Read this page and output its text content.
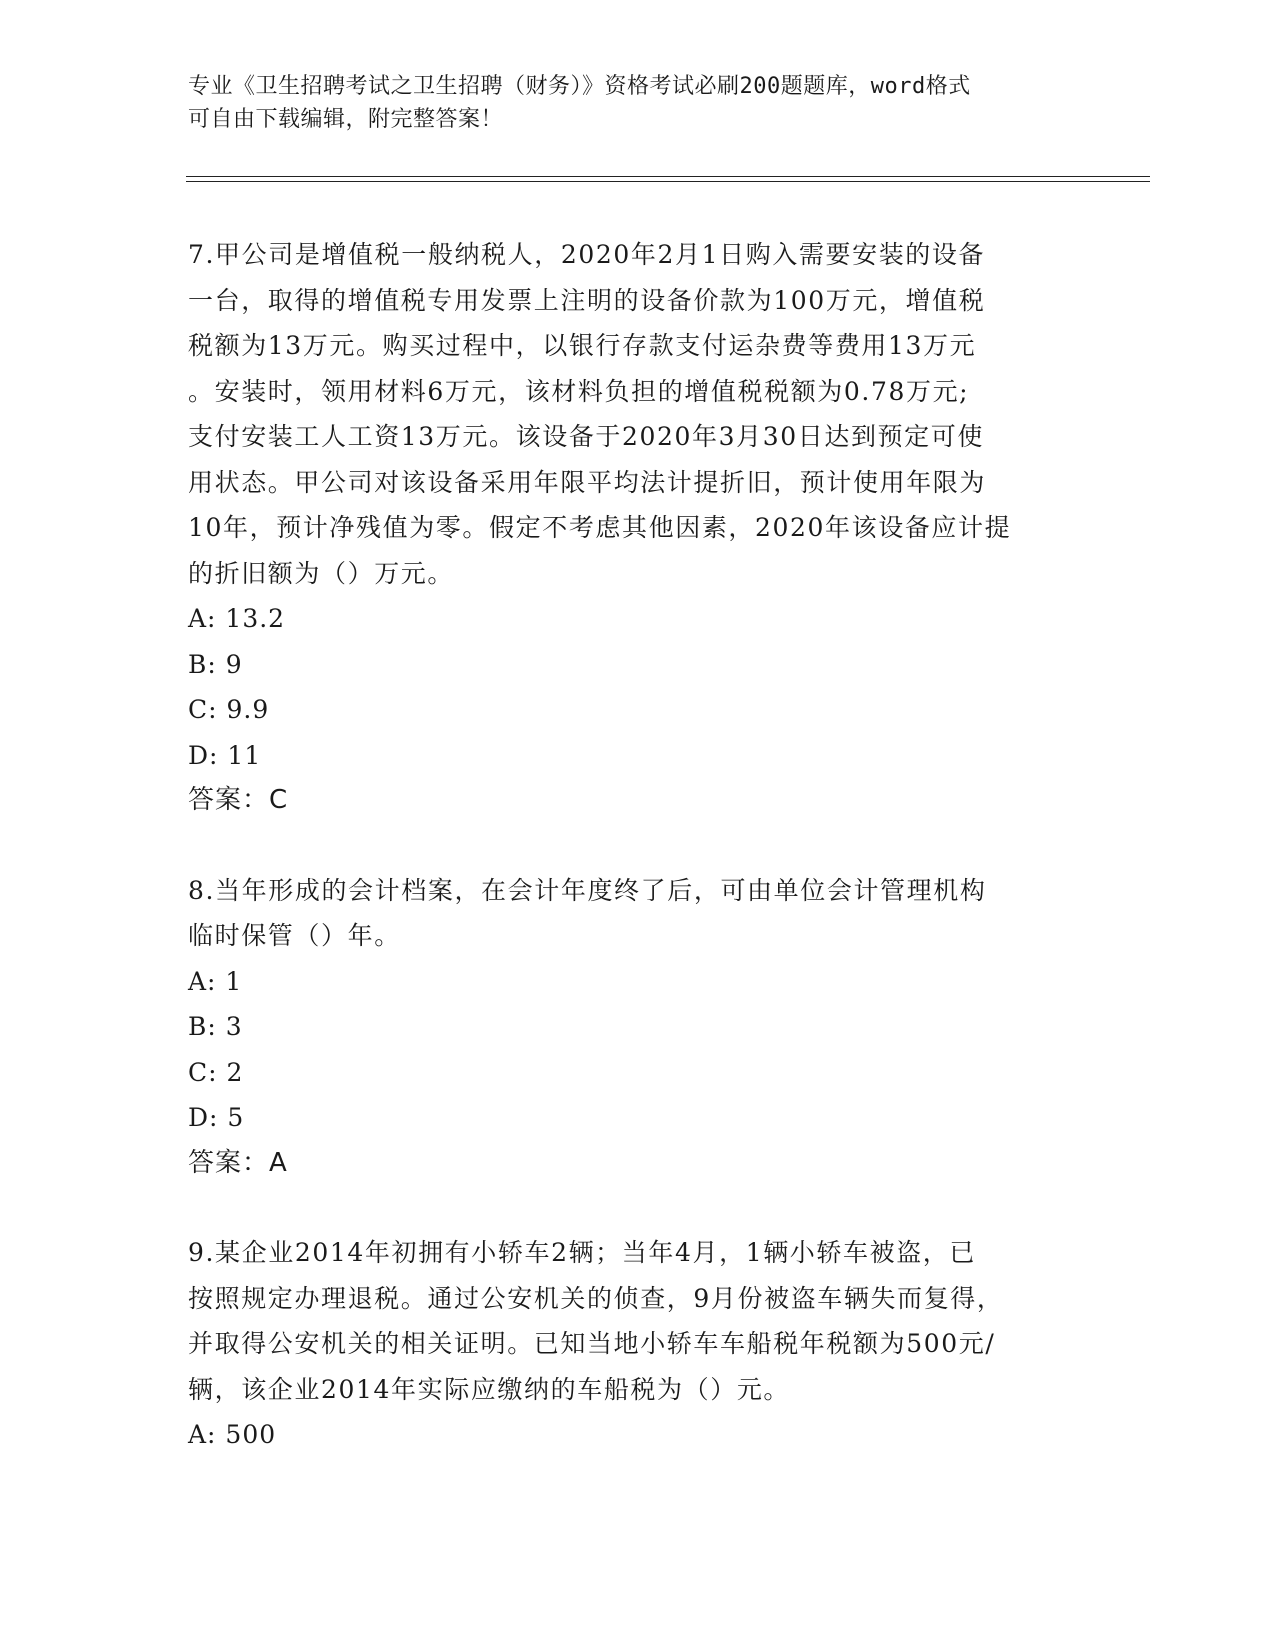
专业《卫生招聘考试之卫生招聘（财务）》资格考试必刷200题题库，word格式
可自由下载编辑，附完整答案！
7.甲公司是增值税一般纳税人，2020年2月1日购入需要安装的设备
一台，取得的增值税专用发票上注明的设备价款为100万元，增值税
税额为13万元。购买过程中，以银行存款支付运杂费等费用13万元
。安装时，领用材料6万元，该材料负担的增值税税额为0.78万元;
支付安装工人工资13万元。该设备于2020年3月30日达到预定可使
用状态。甲公司对该设备采用年限平均法计提折旧，预计使用年限为
10年，预计净残值为零。假定不考虑其他因素，2020年该设备应计提
的折旧额为（）万元。
A: 13.2
B: 9
C: 9.9
D: 11
答案：C
8.当年形成的会计档案，在会计年度终了后，可由单位会计管理机构
临时保管（）年。
A: 1
B: 3
C: 2
D: 5
答案：A
9.某企业2014年初拥有小轿车2辆；当年4月，1辆小轿车被盗，已
按照规定办理退税。通过公安机关的侦查，9月份被盗车辆失而复得，
并取得公安机关的相关证明。已知当地小轿车车船税年税额为500元/
辆，该企业2014年实际应缴纳的车船税为（）元。
A: 500
